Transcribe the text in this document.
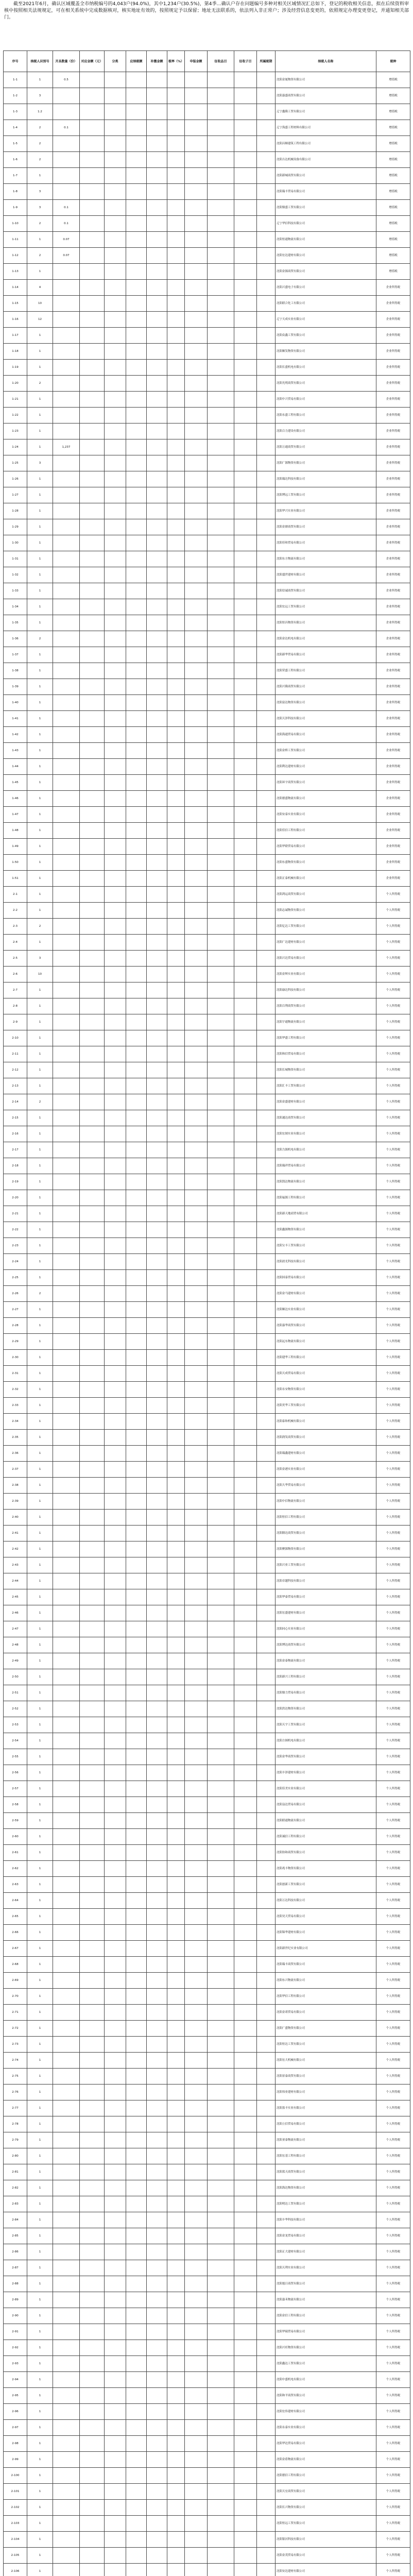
截至2021年6月，确认区域覆盖全市纳税编号的4,043户(94.0%)，其中1,234户(30.5%)，第4季…确认户存在问题编号多种对相关区域情况汇总如下，登记的税收相关信息，拟在后续资料审核中按照相关法规规定，可在相关系统中完成数据核对，核实地址有效的，按照规定予以保留；地址无法联系的，依法列入非正常户；涉及经营信息变更的，依照规定办理变更登记，并通知相关部门。

序号	纳税人识别号	开具数量（份）	对应金额（元）	分类	应纳税额	补缴金额	税率（%）	申报金额	征收品目	征收子目	所属税期	纳税人名称	税种
1-1	1	0.5										沈阳金厦物资有限公司	增值税
1-2	3											沈阳嘉盛商贸有限公司	增值税
1-3	1.2											辽宁鑫隆工贸有限公司	增值税
1-4	2	0.1										辽宁海盛工程材料有限公司	增值税
1-5	2											沈阳昌顺建筑工程有限公司	增值税
1-6	2											沈阳吉达机械设备有限公司	增值税
1-7	1											沈阳新城商贸有限公司	增值税
1-8	3											沈阳瑞丰贸易有限公司	增值税
1-9	3	0.1										沈阳鼎盛工贸有限公司	增值税
1-10	2	0.1										辽宁华信科技有限公司	增值税
1-11	1	0.07										沈阳恒通物流有限公司	增值税
1-12	2	0.07										沈阳宏达建材有限公司	增值税
1-13	1											沈阳金源商贸有限公司	增值税
1-14	4											沈阳兴盛电子有限公司	企业所得税
1-15	10											沈阳联合化工有限公司	企业所得税
1-16	12											辽宁天成实业有限公司	企业所得税
1-17	1											沈阳众鑫工贸有限公司	企业所得税
1-18	1											沈阳顺发物资有限公司	企业所得税
1-19	1											沈阳长盛机电有限公司	企业所得税
1-20	2											沈阳光明商贸有限公司	企业所得税
1-21	1											沈阳中兴贸易有限公司	企业所得税
1-22	1											沈阳永盛工程有限公司	企业所得税
1-23	1											沈阳合力建设有限公司	企业所得税
1-24	1	1,237										沈阳万通商贸有限公司	企业所得税
1-25	3											沈阳广源物资有限公司	企业所得税
1-26	1											沈阳瑞达科技有限公司	企业所得税
1-27	1											沈阳博远工贸有限公司	企业所得税
1-28	1											沈阳华兴实业有限公司	企业所得税
1-29	1											沈阳金鼎商贸有限公司	企业所得税
1-30	1											沈阳佳和贸易有限公司	企业所得税
1-31	1											沈阳东方物流有限公司	企业所得税
1-32	1											沈阳盛世建材有限公司	企业所得税
1-33	1											沈阳信诚商贸有限公司	企业所得税
1-34	1											沈阳宏远工贸有限公司	企业所得税
1-35	1											沈阳恒昌物资有限公司	企业所得税
1-36	2											沈阳金达机电有限公司	企业所得税
1-37	1											沈阳新华贸易有限公司	企业所得税
1-38	1											沈阳荣盛工程有限公司	企业所得税
1-39	1											沈阳兴隆商贸有限公司	企业所得税
1-40	1											沈阳富达物资有限公司	企业所得税
1-41	1											沈阳天泽科技有限公司	企业所得税
1-42	1											沈阳海通贸易有限公司	企业所得税
1-43	1											沈阳金桥工贸有限公司	企业所得税
1-44	1											沈阳利达建材有限公司	企业所得税
1-45	1											沈阳环宇商贸有限公司	企业所得税
1-46	1											沈阳德盛物流有限公司	企业所得税
1-47	1											沈阳安泰实业有限公司	企业所得税
1-48	1											沈阳佳信工程有限公司	企业所得税
1-49	1											沈阳华联贸易有限公司	企业所得税
1-50	1											沈阳东盛物资有限公司	企业所得税
1-51	1											沈阳正泰机械有限公司	企业所得税
2-1	1											沈阳鸿运商贸有限公司	个人所得税
2-2	1											沈阳志诚物资有限公司	个人所得税
2-3	2											沈阳亿达工贸有限公司	个人所得税
2-4	1											沈阳广达建材有限公司	个人所得税
2-5	3											沈阳兴达贸易有限公司	个人所得税
2-6	10											沈阳金辉实业有限公司	个人所得税
2-7	1											沈阳康达科技有限公司	个人所得税
2-8	1											沈阳百利商贸有限公司	个人所得税
2-9	1											沈阳宇通物流有限公司	个人所得税
2-10	1											沈阳华盛工程有限公司	个人所得税
2-11	1											沈阳和信贸易有限公司	个人所得税
2-12	1											沈阳长城物资有限公司	个人所得税
2-13	1											沈阳汇丰工贸有限公司	个人所得税
2-14	2											沈阳金盛建材有限公司	个人所得税
2-15	1											沈阳通达商贸有限公司	个人所得税
2-16	1											沈阳宏图实业有限公司	个人所得税
2-17	1											沈阳力源机电有限公司	个人所得税
2-18	1											沈阳瑞祥贸易有限公司	个人所得税
2-19	1											沈阳凯达物流有限公司	个人所得税
2-20	1											沈阳福源工程有限公司	个人所得税
2-21	1											沈阳新天地商贸有限公司	个人所得税
2-22	1											沈阳鑫源物资有限公司	个人所得税
2-23	1											沈阳宝丰工贸有限公司	个人所得税
2-24	1											沈阳晨光科技有限公司	个人所得税
2-25	1											沈阳国泰贸易有限公司	个人所得税
2-26	2											沈阳金马建材有限公司	个人所得税
2-27	1											沈阳顺达实业有限公司	个人所得税
2-28	1											沈阳嘉华商贸有限公司	个人所得税
2-29	1											沈阳远东物流有限公司	个人所得税
2-30	1											沈阳建华工程有限公司	个人所得税
2-31	1											沈阳天成贸易有限公司	个人所得税
2-32	1											沈阳永安物资有限公司	个人所得税
2-33	1											沈阳美华工贸有限公司	个人所得税
2-34	1											沈阳泰和机械有限公司	个人所得税
2-35	1											沈阳润发商贸有限公司	个人所得税
2-36	1											沈阳瑞鑫建材有限公司	个人所得税
2-37	1											沈阳金港实业有限公司	个人所得税
2-38	1											沈阳大华贸易有限公司	个人所得税
2-39	1											沈阳中信物流有限公司	个人所得税
2-40	1											沈阳恒信工程有限公司	个人所得税
2-41	1											沈阳隆达商贸有限公司	个人所得税
2-42	1											沈阳聚源物资有限公司	个人所得税
2-43	1											沈阳兴业工贸有限公司	个人所得税
2-44	1											沈阳卓越科技有限公司	个人所得税
2-45	1											沈阳华泰贸易有限公司	个人所得税
2-46	1											沈阳宏盛建材有限公司	个人所得税
2-47	1											沈阳同心实业有限公司	个人所得税
2-48	1											沈阳博达商贸有限公司	个人所得税
2-49	1											沈阳金泰物流有限公司	个人所得税
2-50	1											沈阳新兴工程有限公司	个人所得税
2-51	1											沈阳鼎力贸易有限公司	个人所得税
2-52	1											沈阳洪达物资有限公司	个人所得税
2-53	1											沈阳天宇工贸有限公司	个人所得税
2-54	1											沈阳方圆机电有限公司	个人所得税
2-55	1											沈阳金华商贸有限公司	个人所得税
2-56	1											沈阳丰泽建材有限公司	个人所得税
2-57	1											沈阳佳美实业有限公司	个人所得税
2-58	1											沈阳益达贸易有限公司	个人所得税
2-59	1											沈阳联通物流有限公司	个人所得税
2-60	1											沈阳诚信工程有限公司	个人所得税
2-61	1											沈阳协和商贸有限公司	个人所得税
2-62	1											沈阳兆丰物资有限公司	个人所得税
2-63	1											沈阳创新工贸有限公司	个人所得税
2-64	1											沈阳万达科技有限公司	个人所得税
2-65	1											沈阳昊天贸易有限公司	个人所得税
2-66	1											沈阳锦华建材有限公司	个人所得税
2-67	1											沈阳新世纪实业有限公司	个人所得税
2-68	1											沈阳瑞丰商贸有限公司	个人所得税
2-69	1											沈阳东兴物流有限公司	个人所得税
2-70	1											沈阳华信工程有限公司	个人所得税
2-71	1											沈阳金诺贸易有限公司	个人所得税
2-72	1											沈阳广盛物资有限公司	个人所得税
2-73	1											沈阳恒达工贸有限公司	个人所得税
2-74	1											沈阳宏大机械有限公司	个人所得税
2-75	1											沈阳景泰商贸有限公司	个人所得税
2-76	1											沈阳伟业建材有限公司	个人所得税
2-77	1											沈阳盈丰实业有限公司	个人所得税
2-78	1											沈阳立信贸易有限公司	个人所得税
2-79	1											沈阳亚泰物流有限公司	个人所得税
2-80	1											沈阳宏基工程有限公司	个人所得税
2-81	1											沈阳蓝天商贸有限公司	个人所得税
2-82	1											沈阳海达物资有限公司	个人所得税
2-83	1											沈阳明达工贸有限公司	个人所得税
2-84	1											沈阳丰华科技有限公司	个人所得税
2-85	1											沈阳金龙贸易有限公司	个人所得税
2-86	1											沈阳正大建材有限公司	个人所得税
2-87	1											沈阳天利实业有限公司	个人所得税
2-88	1											沈阳旭日商贸有限公司	个人所得税
2-89	1											沈阳嘉禾物流有限公司	个人所得税
2-90	1											沈阳金信工程有限公司	个人所得税
2-91	1											沈阳华瑞贸易有限公司	个人所得税
2-92	1											沈阳兴旺物资有限公司	个人所得税
2-93	1											沈阳鑫达工贸有限公司	个人所得税
2-94	1											沈阳中盛机电有限公司	个人所得税
2-95	1											沈阳和平商贸有限公司	个人所得税
2-96	1											沈阳宏伟建材有限公司	个人所得税
2-97	1											沈阳永泰实业有限公司	个人所得税
2-98	1											沈阳华达贸易有限公司	个人所得税
2-99	1											沈阳金盾物流有限公司	个人所得税
2-100	1											沈阳德信工程有限公司	个人所得税
2-101	1											沈阳天宏商贸有限公司	个人所得税
2-102	1											沈阳长兴物资有限公司	个人所得税
2-103	1											沈阳恒远工贸有限公司	个人所得税
2-104	1											沈阳银河科技有限公司	个人所得税
2-105	1											沈阳金茂贸易有限公司	个人所得税
2-106	1											沈阳安达建材有限公司	个人所得税
